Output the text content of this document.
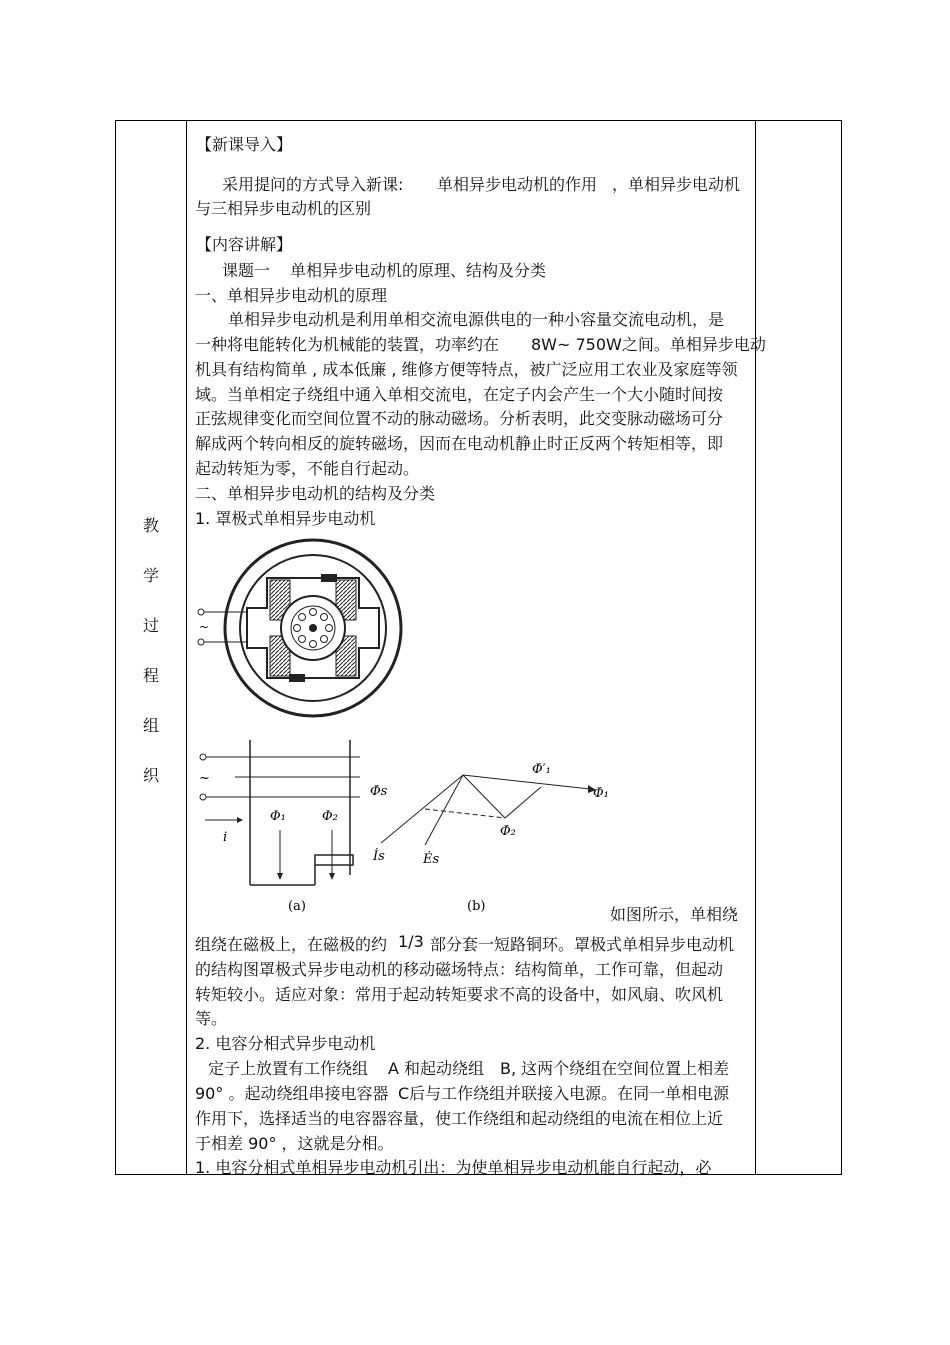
教
学
过
程
组
织
【新课导入】
采用提问的方式导入新课: 单相异步电动机的作用 ，单相异步电动机
与三相异步电动机的区别
【内容讲解】
课题一 单相异步电动机的原理、结构及分类
一、单相异步电动机的原理
单相异步电动机是利用单相交流电源供电的一种小容量交流电动机，是
一种将电能转化为机械能的装置，功率约在 8W~ 750W之间。单相异步电动
机具有结构简单 , 成本低廉 , 维修方便等特点，被广泛应用工农业及家庭等领
域。当单相定子绕组中通入单相交流电，在定子内会产生一个大小随时间按
正弦规律变化而空间位置不动的脉动磁场。分析表明，此交变脉动磁场可分
解成两个转向相反的旋转磁场，因而在电动机静止时正反两个转矩相等，即
起动转矩为零，不能自行起动。
二、单相异步电动机的结构及分类
1. 罩极式单相异步电动机
~
~
i
Φ₁	Φ₂
(a)
Φ̇s
Φ̇′₁
Φ̇₁
Φ̇₂
İs	Ės
(b)	如图所示，单相绕
组绕在磁极上，在磁极的约 1/3 部分套一短路铜环。罩极式单相异步电动机
的结构图罩极式异步电动机的移动磁场特点：结构简单，工作可靠，但起动
转矩较小。适应对象：常用于起动转矩要求不高的设备中，如风扇、吹风机
等。
2. 电容分相式异步电动机
定子上放置有工作绕组 A 和起动绕组 B, 这两个绕组在空间位置上相差
90° 。起动绕组串接电容器 C后与工作绕组并联接入电源。在同一单相电源
作用下，选择适当的电容器容量，使工作绕组和起动绕组的电流在相位上近
于相差 90° ，这就是分相。
1. 电容分相式单相异步电动机引出：为使单相异步电动机能自行起动，必
